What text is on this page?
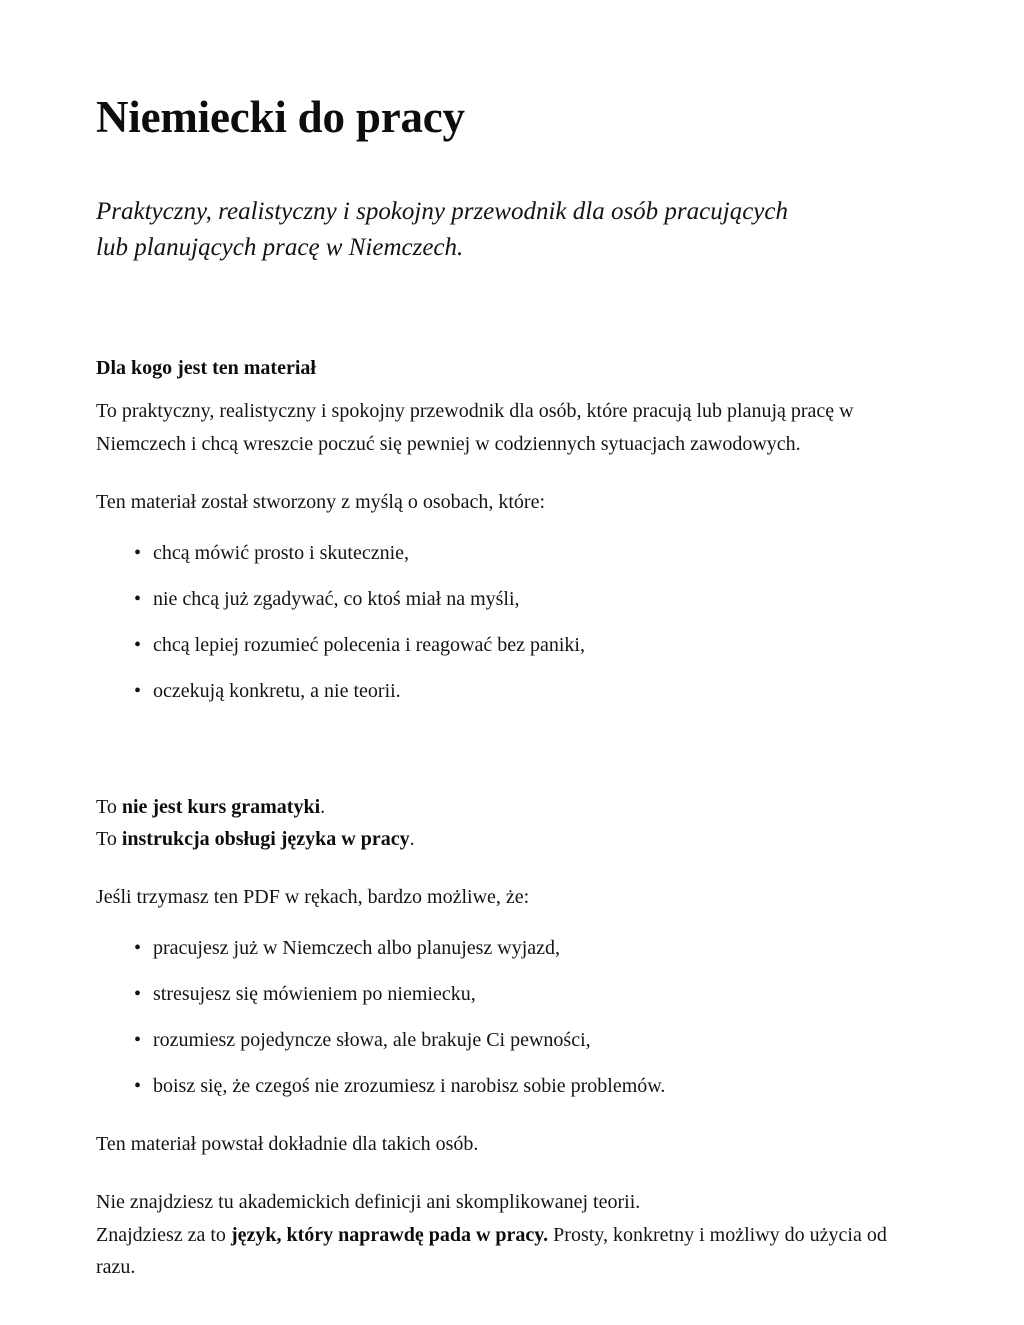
Niemiecki do pracy

Praktyczny, realistyczny i spokojny przewodnik dla osób pracujących lub planujących pracę w Niemczech.

Dla kogo jest ten materiał

To praktyczny, realistyczny i spokojny przewodnik dla osób, które pracują lub planują pracę w Niemczech i chcą wreszcie poczuć się pewniej w codziennych sytuacjach zawodowych.

Ten materiał został stworzony z myślą o osobach, które:

• chcą mówić prosto i skutecznie,
• nie chcą już zgadywać, co ktoś miał na myśli,
• chcą lepiej rozumieć polecenia i reagować bez paniki,
• oczekują konkretu, a nie teorii.

To nie jest kurs gramatyki.
To instrukcja obsługi języka w pracy.

Jeśli trzymasz ten PDF w rękach, bardzo możliwe, że:

• pracujesz już w Niemczech albo planujesz wyjazd,
• stresujesz się mówieniem po niemiecku,
• rozumiesz pojedyncze słowa, ale brakuje Ci pewności,
• boisz się, że czegoś nie zrozumiesz i narobisz sobie problemów.

Ten materiał powstał dokładnie dla takich osób.

Nie znajdziesz tu akademickich definicji ani skomplikowanej teorii.
Znajdziesz za to język, który naprawdę pada w pracy. Prosty, konkretny i możliwy do użycia od razu.
